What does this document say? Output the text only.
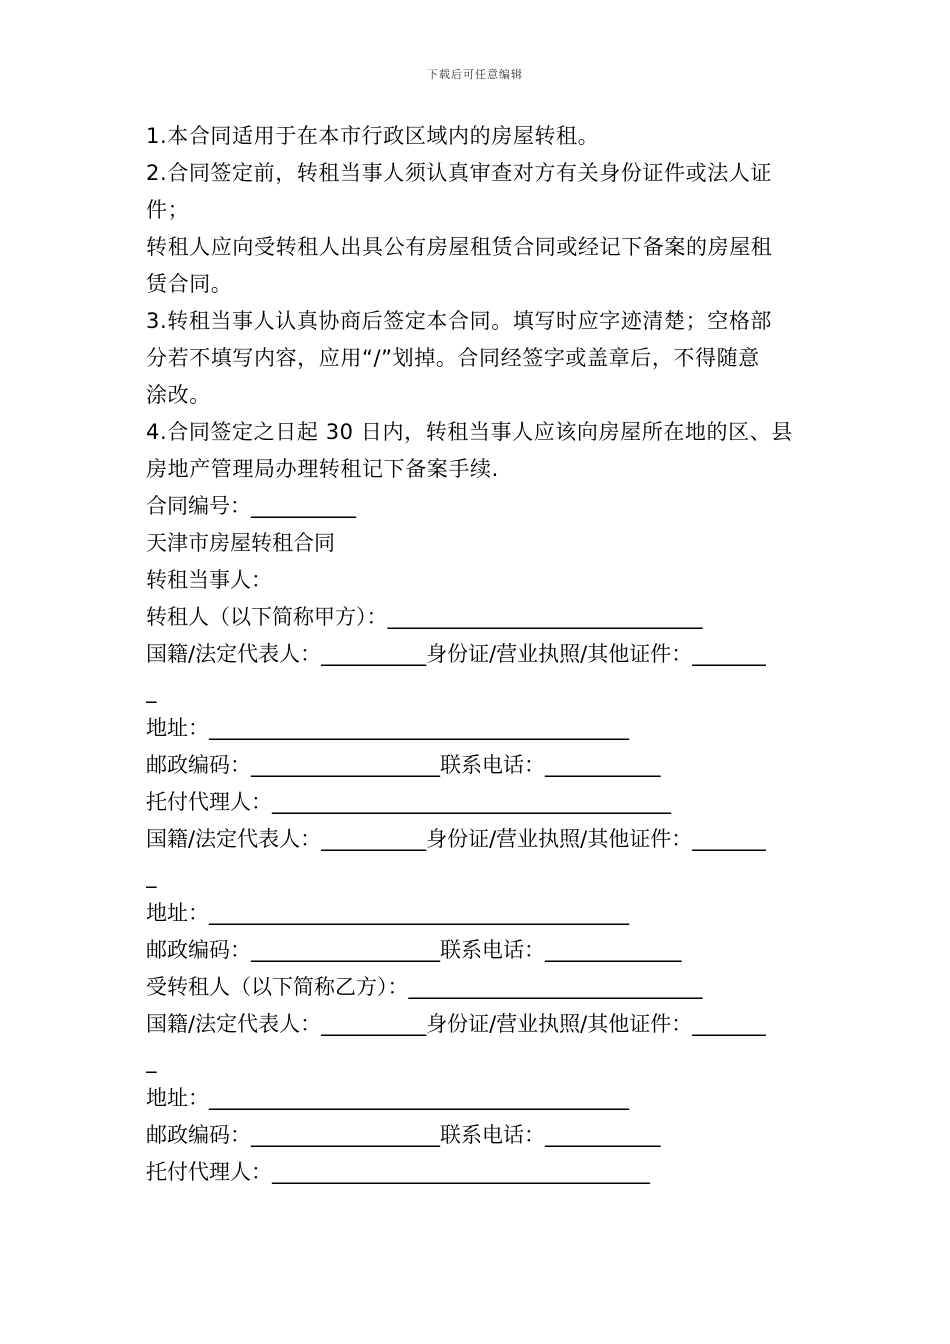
下载后可任意编辑
1.本合同适用于在本市行政区域内的房屋转租。
2.合同签定前，转租当事人须认真审查对方有关身份证件或法人证
件；
转租人应向受转租人出具公有房屋租赁合同或经记下备案的房屋租
赁合同。
3.转租当事人认真协商后签定本合同。填写时应字迹清楚；空格部
分若不填写内容，应用“/”划掉。合同经签字或盖章后，不得随意
涂改。
4.合同签定之日起 30 日内，转租当事人应该向房屋所在地的区、县
房地产管理局办理转租记下备案手续.
合同编号：__________
天津市房屋转租合同
转租当事人：
转租人（以下简称甲方）：______________________________
国籍/法定代表人：__________身份证/营业执照/其他证件：_______
_
地址：________________________________________
邮政编码：__________________联系电话：___________
托付代理人：______________________________________
国籍/法定代表人：__________身份证/营业执照/其他证件：_______
_
地址：________________________________________
邮政编码：__________________联系电话：_____________
受转租人（以下简称乙方）：____________________________
国籍/法定代表人：__________身份证/营业执照/其他证件：_______
_
地址：________________________________________
邮政编码：__________________联系电话：___________
托付代理人：____________________________________
